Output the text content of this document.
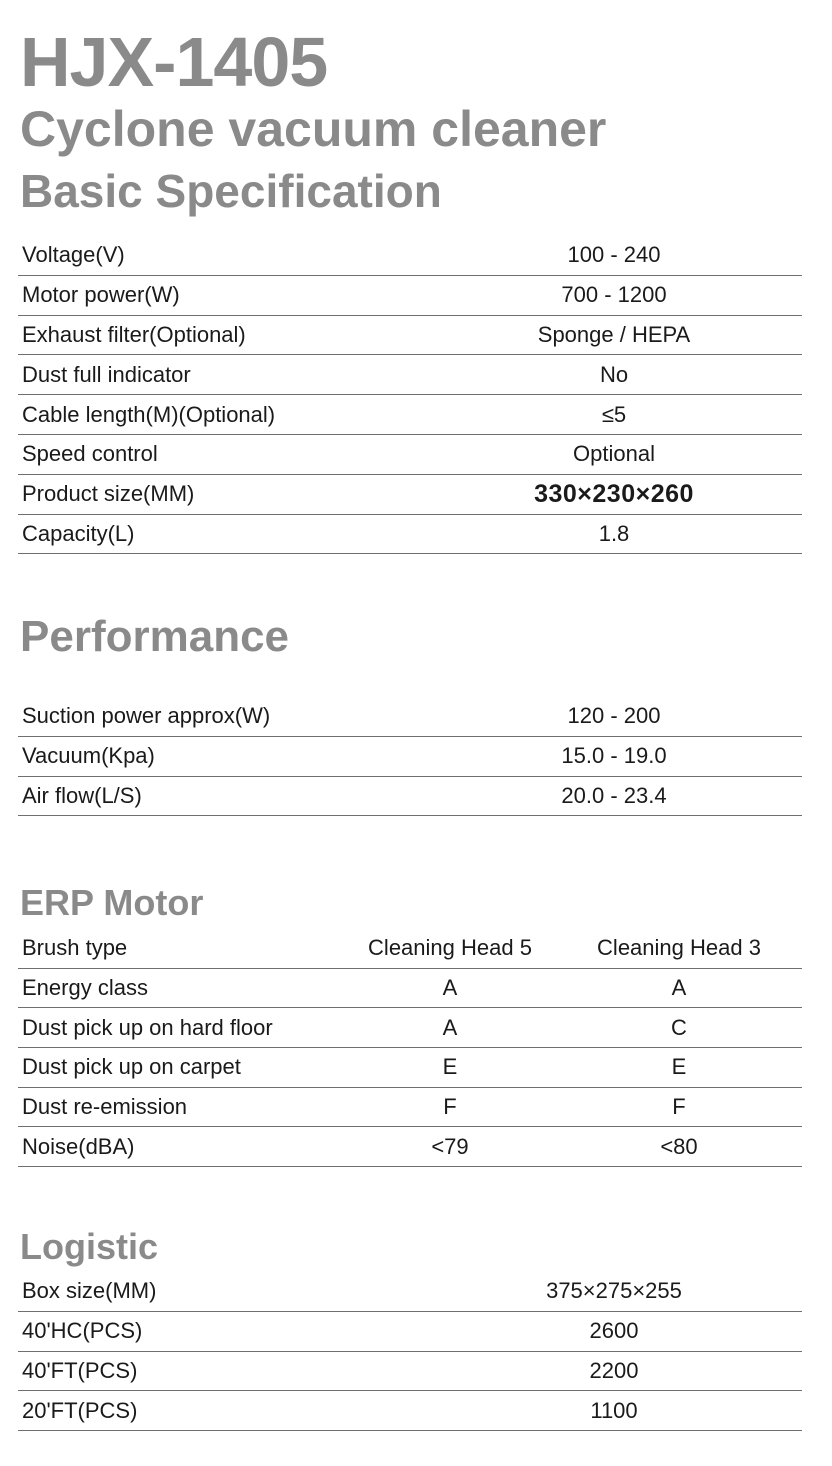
HJX-1405
Cyclone vacuum cleaner
Basic Specification
Voltage(V)	100 - 240
Motor power(W)	700 - 1200
Exhaust filter(Optional)	Sponge / HEPA
Dust full indicator	No
Cable length(M)(Optional)	≤5
Speed control	Optional
Product size(MM)	330×230×260
Capacity(L)	1.8
Performance
Suction power approx(W)	120 - 200
Vacuum(Kpa)	15.0 - 19.0
Air flow(L/S)	20.0 - 23.4
ERP Motor
Brush type	Cleaning Head 5	Cleaning Head 3
Energy class	A	A
Dust pick up on hard floor	A	C
Dust pick up on carpet	E	E
Dust re-emission	F	F
Noise(dBA)	<79	<80
Logistic
Box size(MM)	375×275×255
40'HC(PCS)	2600
40'FT(PCS)	2200
20'FT(PCS)	1100
